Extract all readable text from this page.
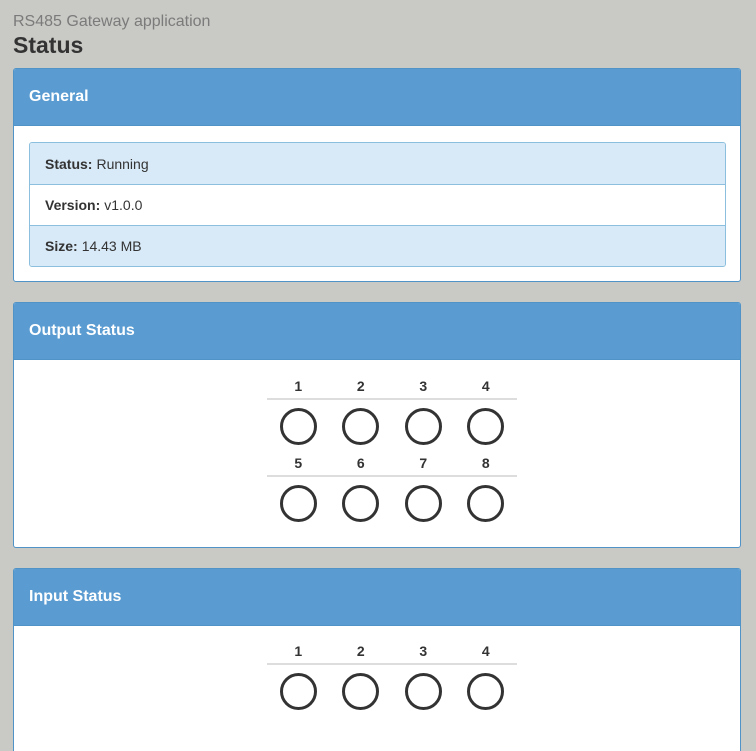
RS485 Gateway application
Status
General
Status: Running
Version: v1.0.0
Size: 14.43 MB
Output Status
1	2	3	4
5	6	7	8
Input Status
1	2	3	4
